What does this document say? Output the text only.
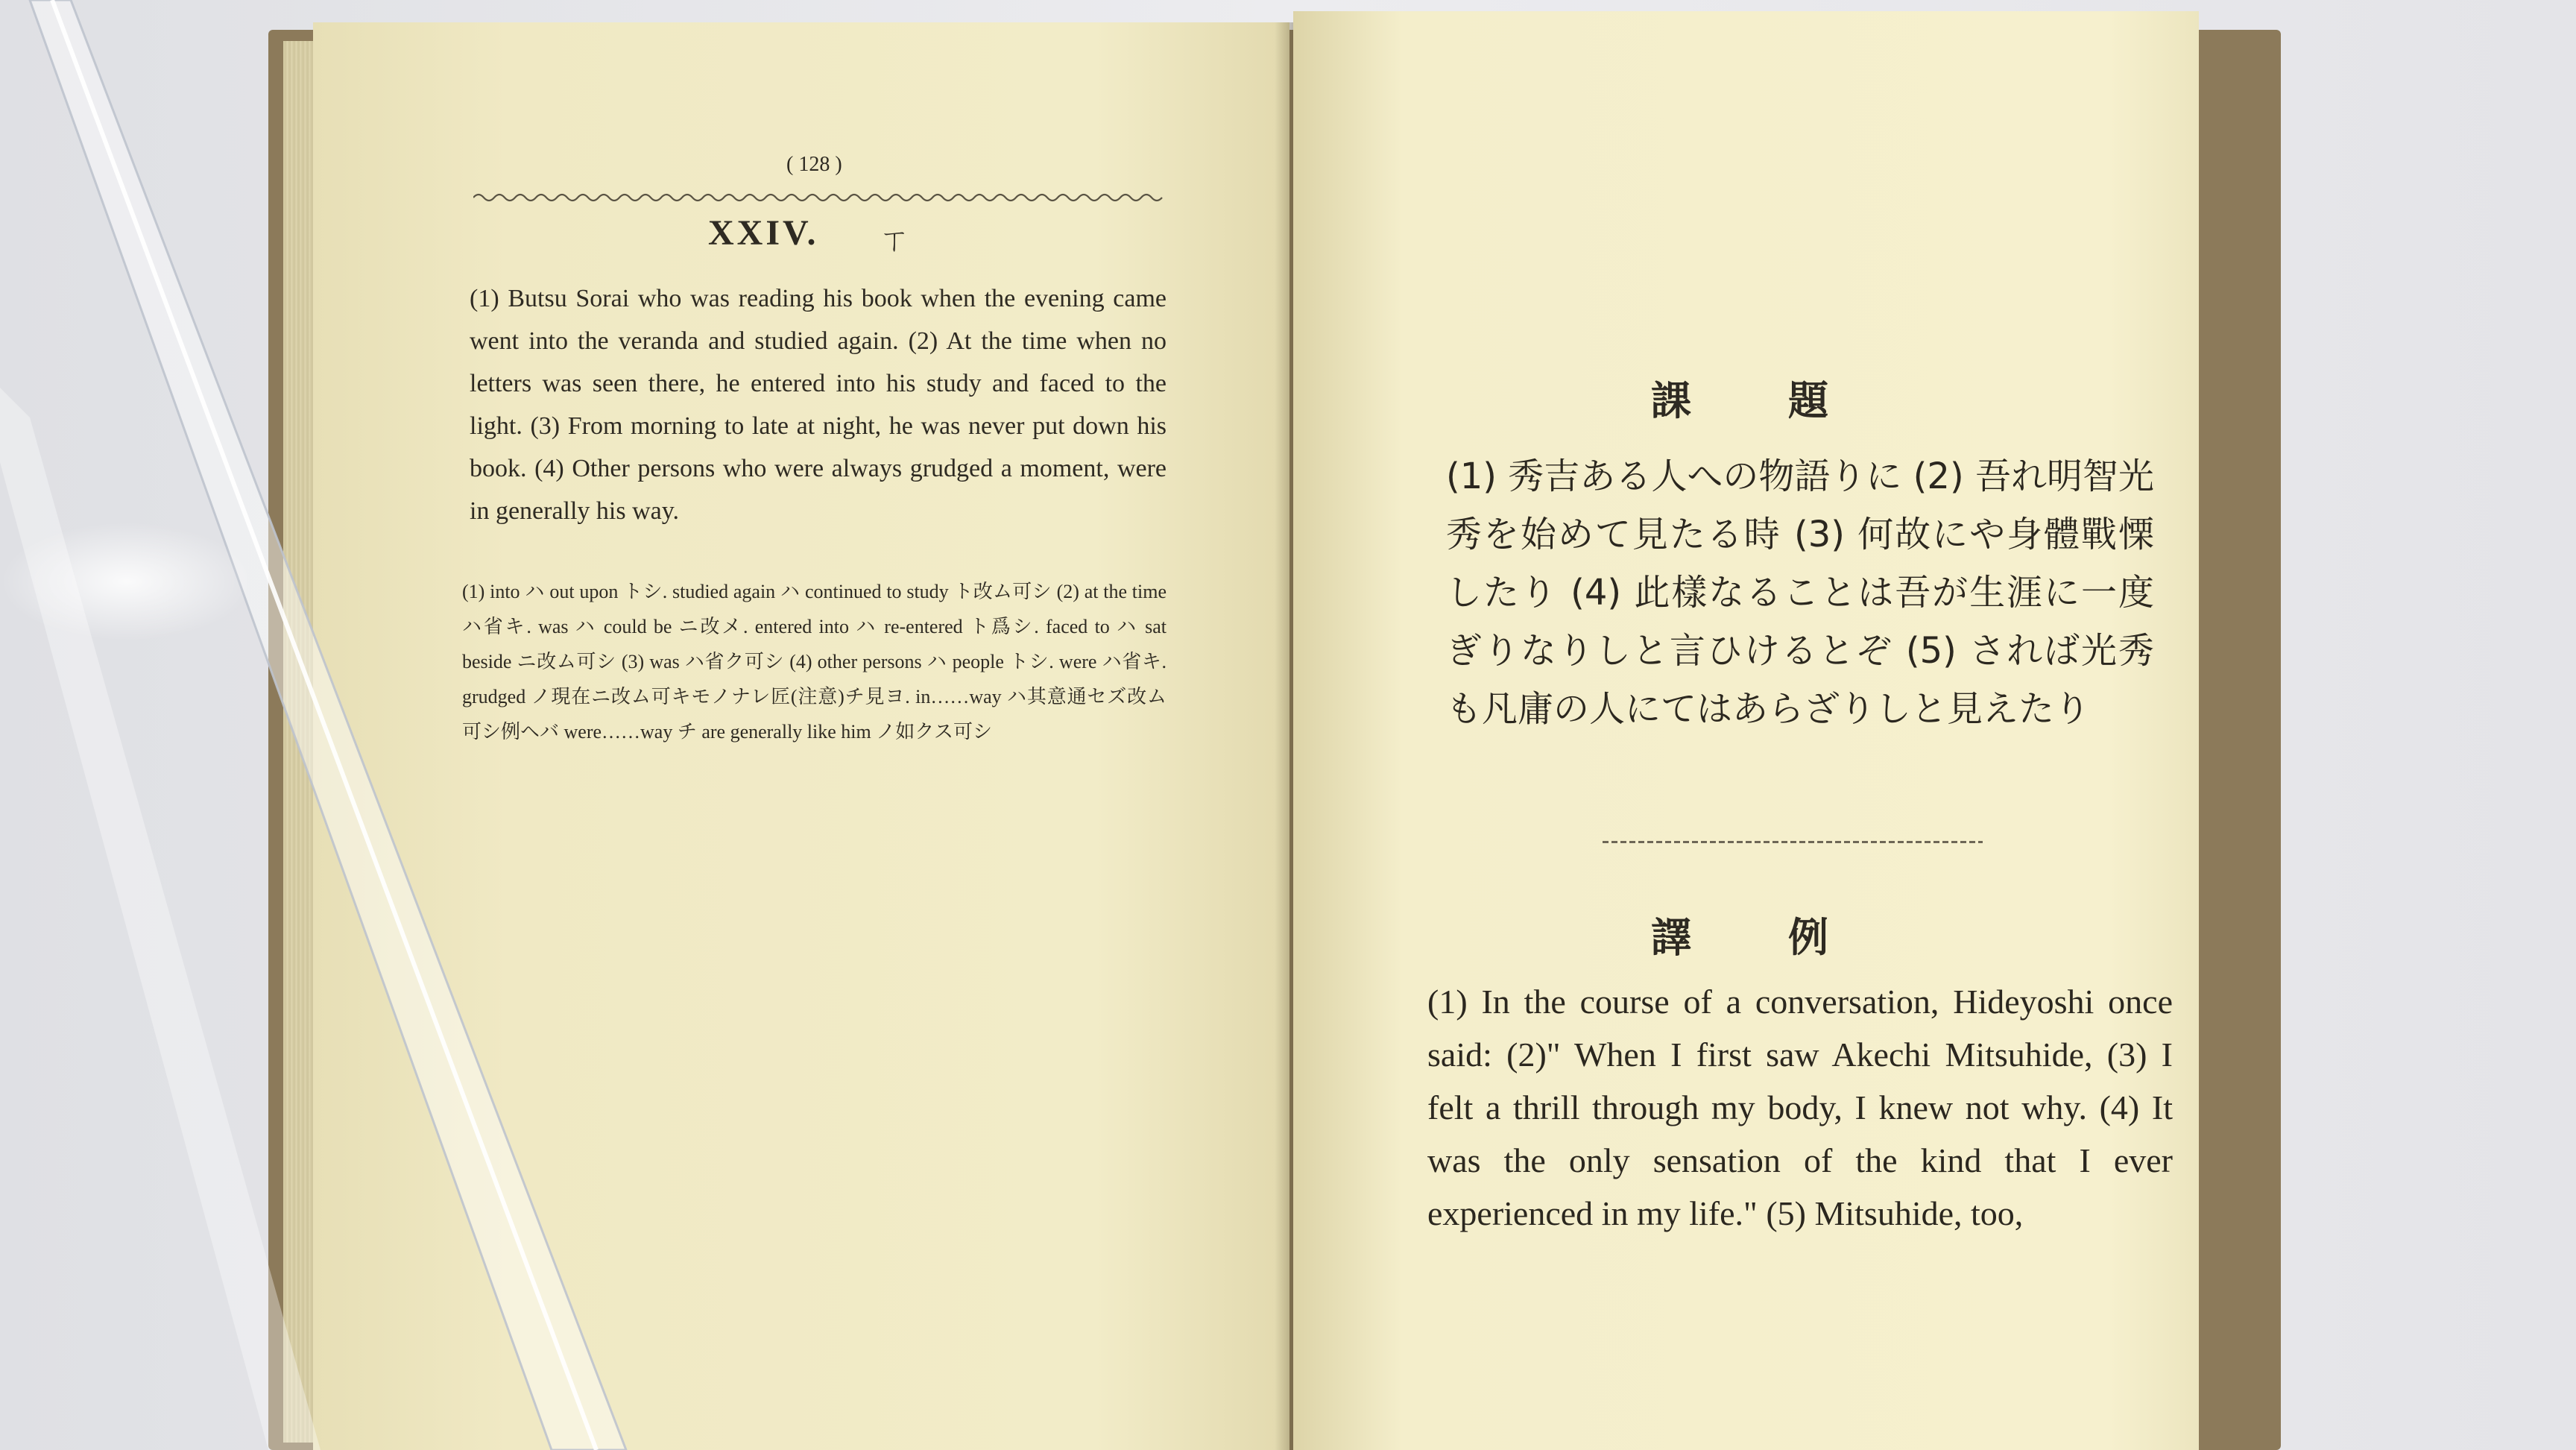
( 128 )
XXIV. ㄒ
(1) Butsu Sorai who was reading his book when the evening came went into the veranda and studied again. (2) At the time when no letters was seen there, he entered into his study and faced to the light. (3) From morning to late at night, he was never put down his book. (4) Other persons who were always grudged a moment, were in generally his way.
(1) into ハ out upon トシ. studied again ハ continued to study ト改ム可シ (2) at the time ハ省キ. was ハ could be ニ改メ. entered into ハ re-entered ト爲シ. faced to ハ sat beside ニ改ム可シ (3) was ハ省ク可シ (4) other persons ハ people トシ. were ハ省キ. grudged ノ現在ニ改ム可キモノナレ匠(注意)チ見ヨ. in……way ハ其意通セズ改ム可シ例ヘバ were……way チ are generally like him ノ如クス可シ
課題
(1) 秀吉ある人への物語りに (2) 吾れ明智光秀を始めて見たる時 (3) 何故にや身體戰慄したり (4) 此樣なることは吾が生涯に一度ぎりなりしと言ひけるとぞ (5) されば光秀も凡庸の人にてはあらざりしと見えたり
譯例
(1) In the course of a conversation, Hideyoshi once said: (2)" When I first saw Akechi Mitsuhide, (3) I felt a thrill through my body, I knew not why. (4) It was the only sensation of the kind that I ever experienced in my life." (5) Mitsuhide, too,
